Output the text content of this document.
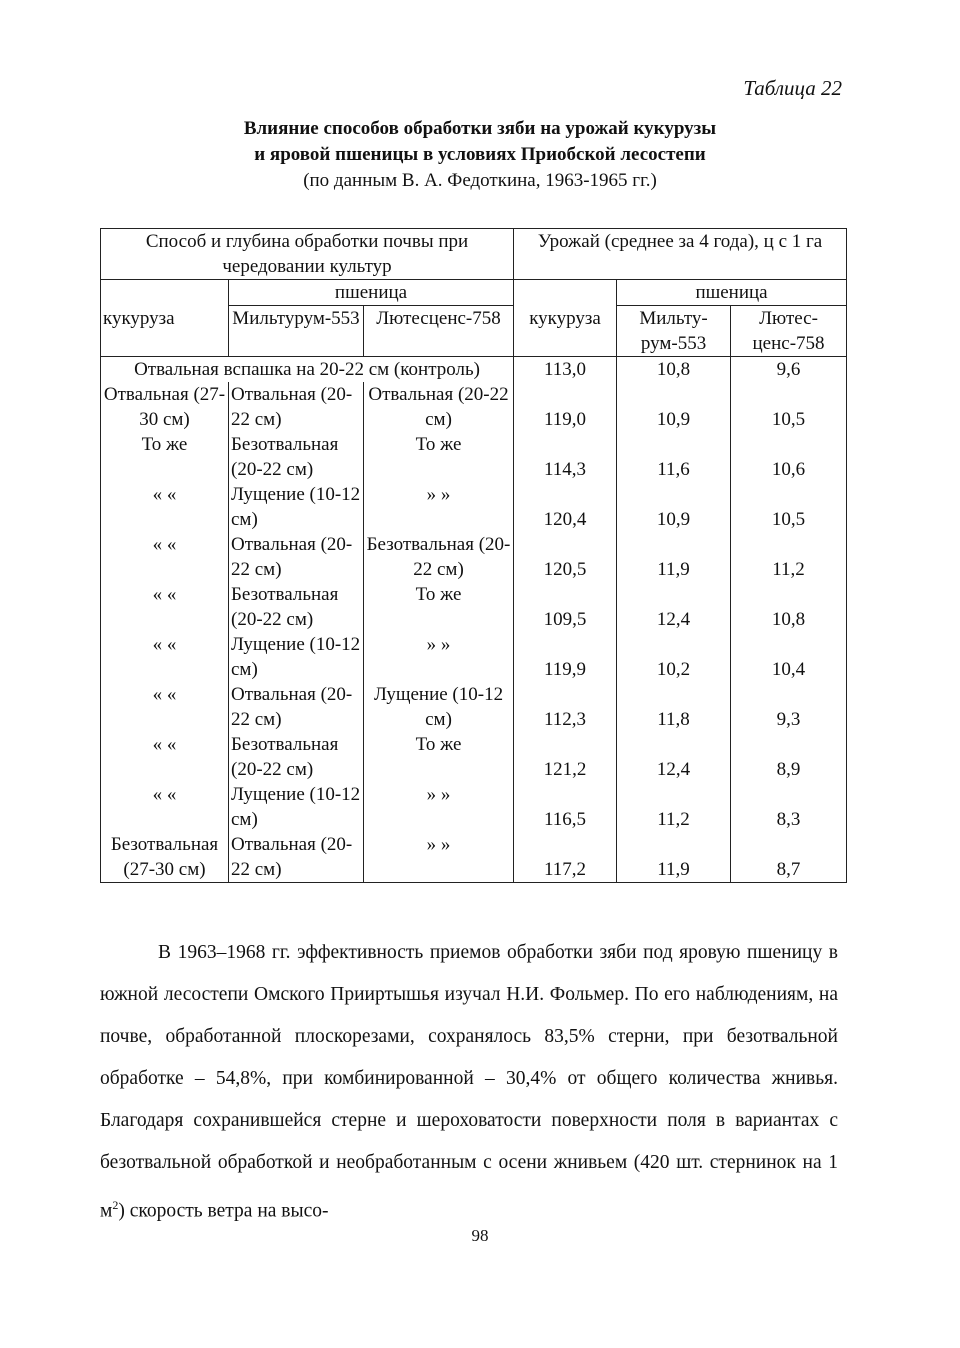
Таблица 22
Влияние способов обработки зяби на урожай кукурузы
и яровой пшеницы в условиях Приобской лесостепи
(по данным В. А. Федоткина, 1963-1965 гг.)
Способ и глубина обработки почвы при чередовании культур			Урожай (среднее за 4 года), ц с 1 га		
кукуруза	пшеница		кукуруза	пшеница	
	Мильтурум-553	Лютесценс-758		Мильту-рум-553	Лютес-ценс-758
Отвальная вспашка на 20-22 см (контроль)			113,0	10,8	9,6
Отвальная (27-30 см)	Отвальная (20-22 см)	Отвальная (20-22 см)	119,0	10,9	10,5
То же	Безотвальная (20-22 см)	То же	114,3	11,6	10,6
« «	Лущение (10-12 см)	» »	120,4	10,9	10,5
« «	Отвальная (20-22 см)	Безотвальная (20-22 см)	120,5	11,9	11,2
« «	Безотвальная (20-22 см)	То же	109,5	12,4	10,8
« «	Лущение (10-12 см)	» »	119,9	10,2	10,4
« «	Отвальная (20-22 см)	Лущение (10-12 см)	112,3	11,8	9,3
« «	Безотвальная (20-22 см)	То же	121,2	12,4	8,9
« «	Лущение (10-12 см)	» »	116,5	11,2	8,3
Безотвальная (27-30 см)	Отвальная (20-22 см)	» »	117,2	11,9	8,7

В 1963–1968 гг. эффективность приемов обработки зяби под яровую пшеницу в южной лесостепи Омского Прииртышья изучал Н.И. Фольмер. По его наблюдениям, на почве, обработанной плоскорезами, сохранялось 83,5% стерни, при безотвальной обработке – 54,8%, при комбинированной – 30,4% от общего количества жнивья. Благодаря сохранившейся стерне и шероховатости поверхности поля в вариантах с безотвальной обработкой и необработанным с осени жнивьем (420 шт. стернинок на 1 $м^2$) скорость ветра на высо-

98
